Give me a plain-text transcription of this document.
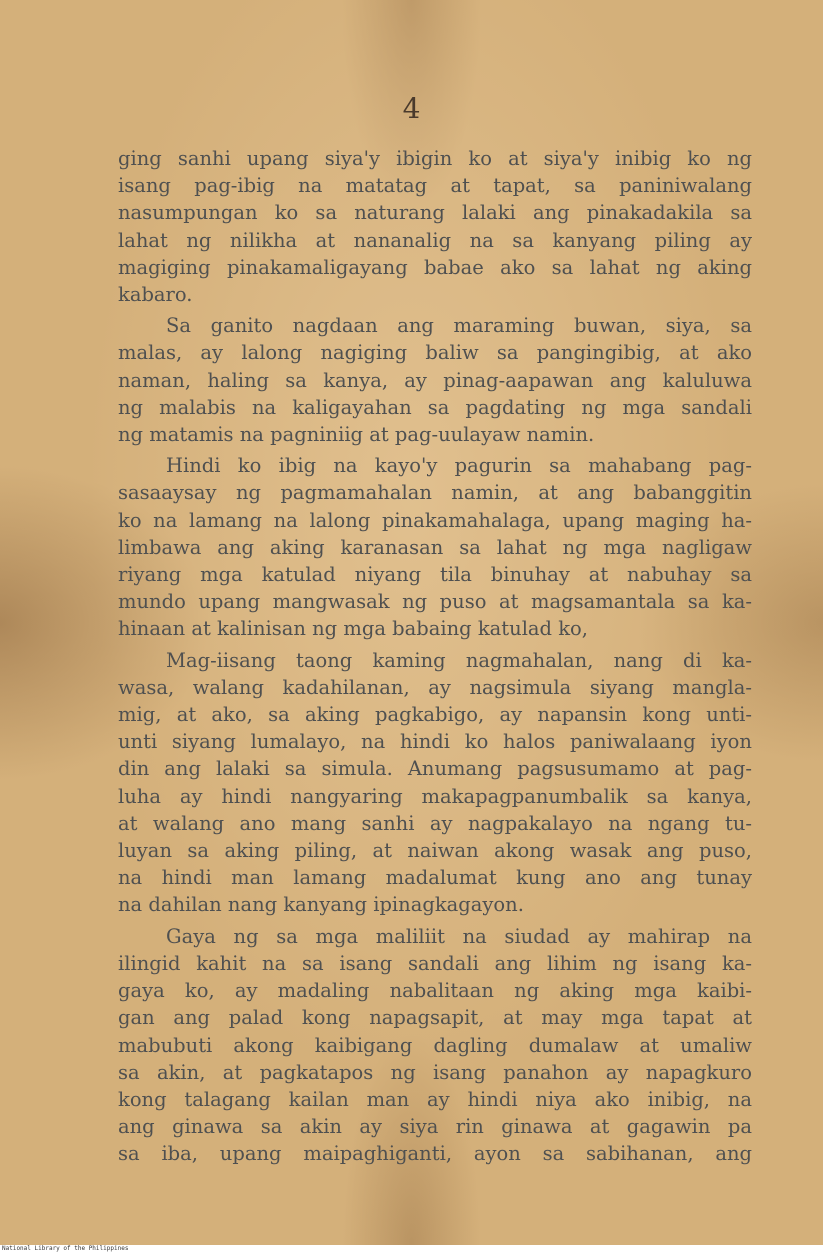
4

ging sanhi upang siya'y ibigin ko at siya'y inibig ko ng
isang pag-ibig na matatag at tapat, sa paniniwalang
nasumpungan ko sa naturang lalaki ang pinakadakila sa
lahat ng nilikha at nananalig na sa kanyang piling ay
magiging pinakamaligayang babae ako sa lahat ng aking
kabaro.

Sa ganito nagdaan ang maraming buwan, siya, sa
malas, ay lalong nagiging baliw sa pangingibig, at ako
naman, haling sa kanya, ay pinag-aapawan ang kaluluwa
ng malabis na kaligayahan sa pagdating ng mga sandali
ng matamis na pagniniig at pag-uulayaw namin.

Hindi ko ibig na kayo'y pagurin sa mahabang pag-
sasaaysay ng pagmamahalan namin, at ang babanggitin
ko na lamang na lalong pinakamahalaga, upang maging ha-
limbawa ang aking karanasan sa lahat ng mga nagligaw
riyang mga katulad niyang tila binuhay at nabuhay sa
mundo upang mangwasak ng puso at magsamantala sa ka-
hinaan at kalinisan ng mga babaing katulad ko,

Mag-iisang taong kaming nagmahalan, nang di ka-
wasa, walang kadahilanan, ay nagsimula siyang mangla-
mig, at ako, sa aking pagkabigo, ay napansin kong unti-
unti siyang lumalayo, na hindi ko halos paniwalaang iyon
din ang lalaki sa simula. Anumang pagsusumamo at pag-
luha ay hindi nangyaring makapagpanumbalik sa kanya,
at walang ano mang sanhi ay nagpakalayo na ngang tu-
luyan sa aking piling, at naiwan akong wasak ang puso,
na hindi man lamang madalumat kung ano ang tunay
na dahilan nang kanyang ipinagkagayon.

Gaya ng sa mga maliliit na siudad ay mahirap na
ilingid kahit na sa isang sandali ang lihim ng isang ka-
gaya ko, ay madaling nabalitaan ng aking mga kaibi-
gan ang palad kong napagsapit, at may mga tapat at
mabubuti akong kaibigang dagling dumalaw at umaliw
sa akin, at pagkatapos ng isang panahon ay napagkuro
kong talagang kailan man ay hindi niya ako inibig, na
ang ginawa sa akin ay siya rin ginawa at gagawin pa
sa iba, upang maipaghiganti, ayon sa sabihanan, ang

National Library of the Philippines
